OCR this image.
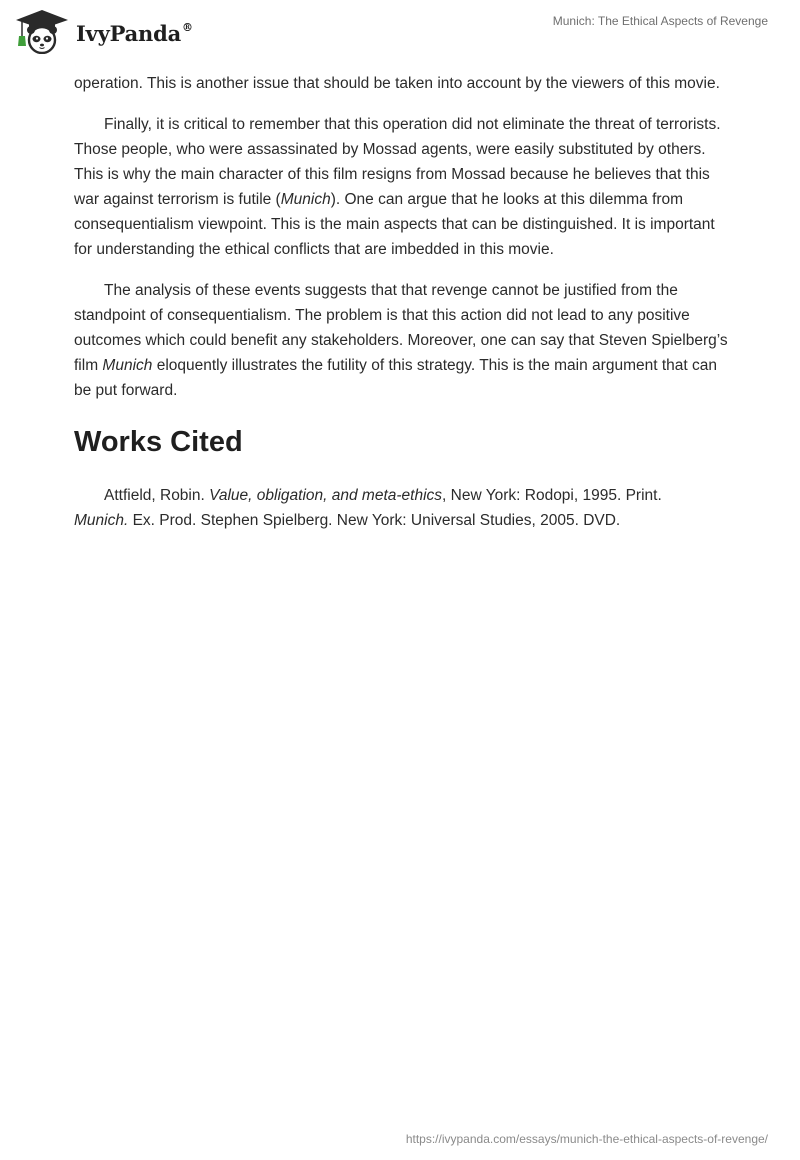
IvyPanda®	Munich: The Ethical Aspects of Revenge

operation. This is another issue that should be taken into account by the viewers of this movie.

Finally, it is critical to remember that this operation did not eliminate the threat of terrorists. Those people, who were assassinated by Mossad agents, were easily substituted by others. This is why the main character of this film resigns from Mossad because he believes that this war against terrorism is futile (Munich). One can argue that he looks at this dilemma from consequentialism viewpoint. This is the main aspects that can be distinguished. It is important for understanding the ethical conflicts that are imbedded in this movie.

The analysis of these events suggests that that revenge cannot be justified from the standpoint of consequentialism. The problem is that this action did not lead to any positive outcomes which could benefit any stakeholders. Moreover, one can say that Steven Spielberg’s film Munich eloquently illustrates the futility of this strategy. This is the main argument that can be put forward.

Works Cited

Attfield, Robin. Value, obligation, and meta-ethics, New York: Rodopi, 1995. Print.

Munich. Ex. Prod. Stephen Spielberg. New York: Universal Studies, 2005. DVD.

https://ivypanda.com/essays/munich-the-ethical-aspects-of-revenge/
